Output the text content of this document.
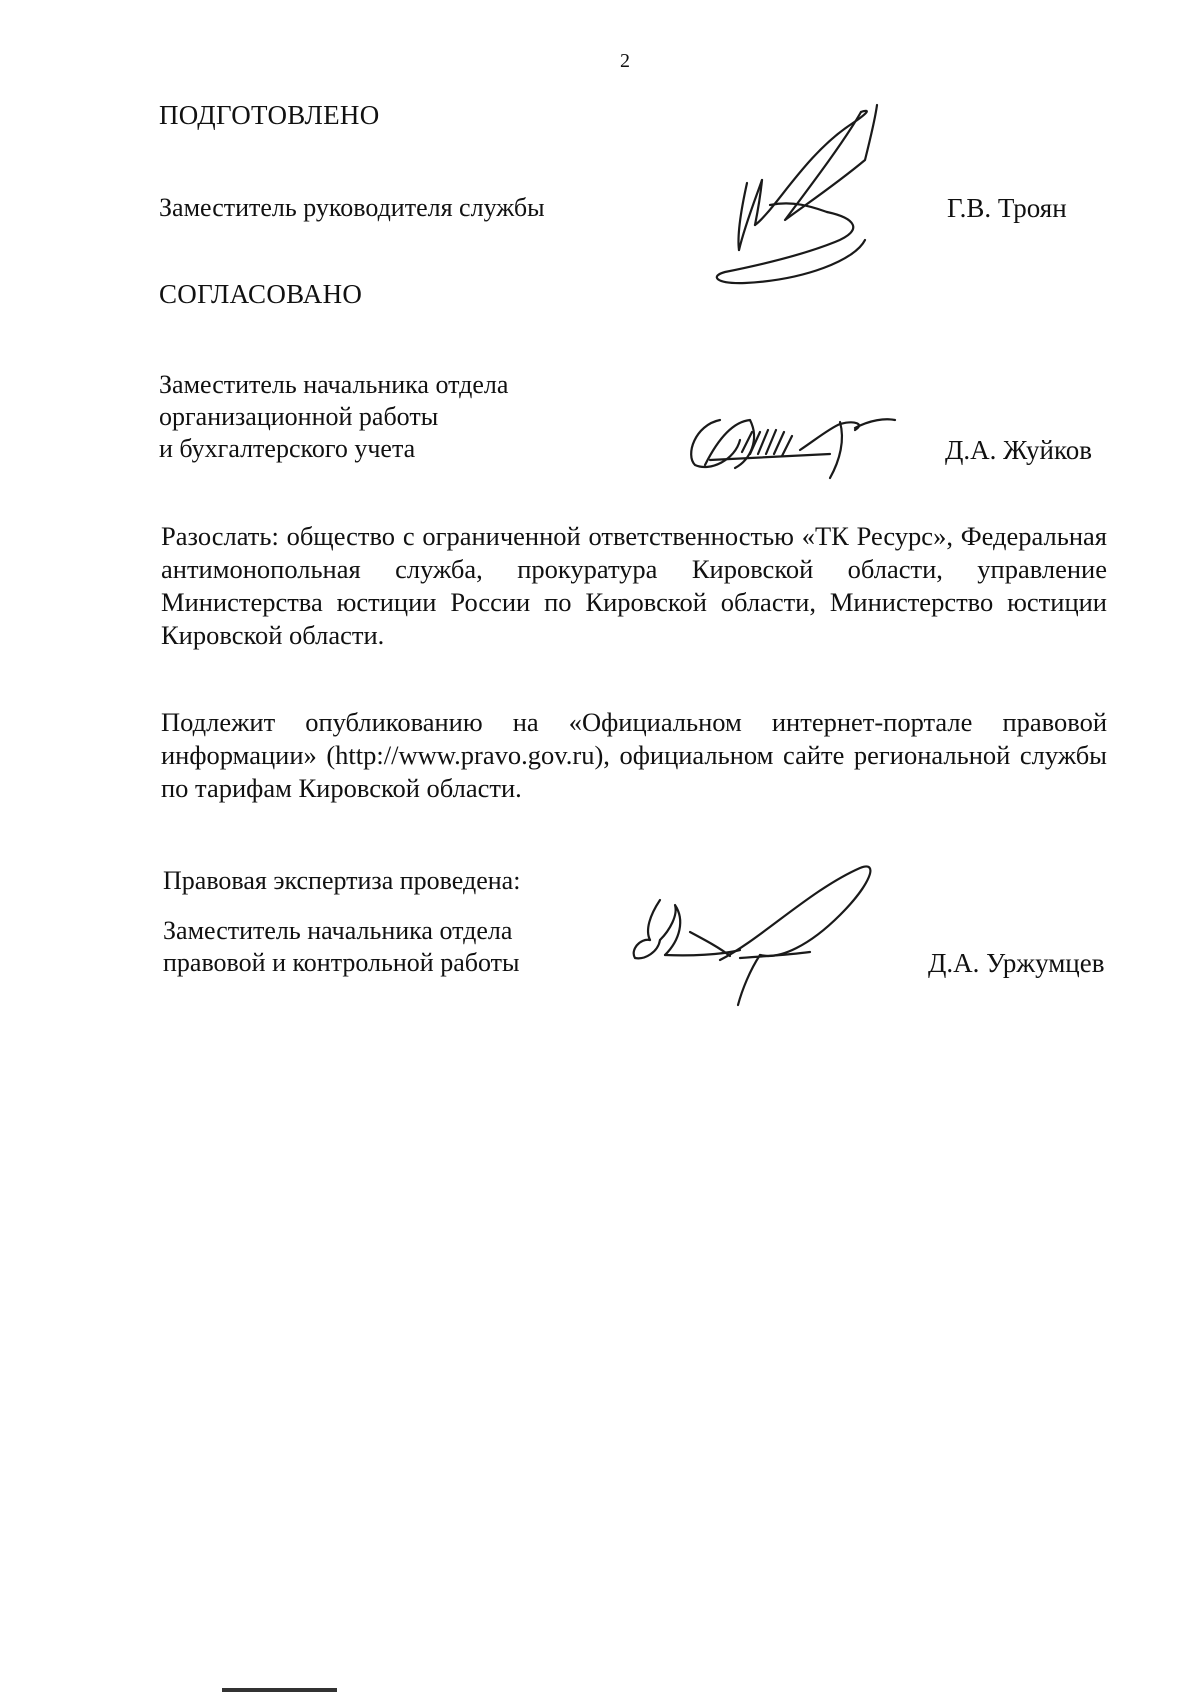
2
ПОДГОТОВЛЕНО
Заместитель руководителя службы	Г.В. Троян
СОГЛАСОВАНО
Заместитель начальника отдела
организационной работы
и бухгалтерского учета	Д.А. Жуйков
Разослать: общество с ограниченной ответственностью «ТК Ресурс», Федеральная антимонопольная служба, прокуратура Кировской области, управление Министерства юстиции России по Кировской области, Министерство юстиции Кировской области.
Подлежит опубликованию на «Официальном интернет-портале правовой информации» (http://www.pravo.gov.ru), официальном сайте региональной службы по тарифам Кировской области.
Правовая экспертиза проведена:
Заместитель начальника отдела
правовой и контрольной работы	Д.А. Уржумцев
